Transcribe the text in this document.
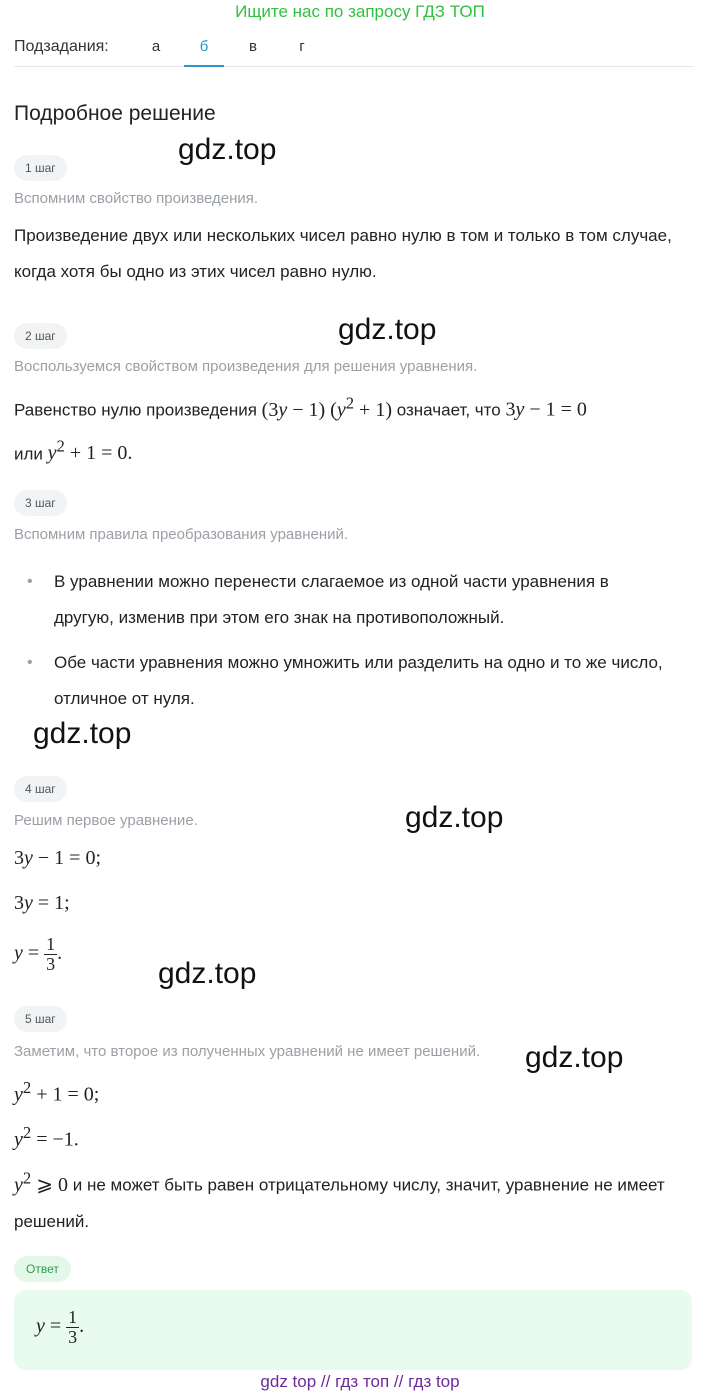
Ищите нас по запросу ГДЗ ТОП
Подзадания:	а	б	в	г
Подробное решение
1 шаг
Вспомним свойство произведения.
Произведение двух или нескольких чисел равно нулю в том и только в том случае, когда хотя бы одно из этих чисел равно нулю.
2 шаг
Воспользуемся свойством произведения для решения уравнения.
Равенство нулю произведения (3y − 1) $(y^2 + 1)$ означает, что 3y − 1 = 0
или $y^2 + 1 = 0$.
3 шаг
Вспомним правила преобразования уравнений.
•	В уравнении можно перенести слагаемое из одной части уравнения в другую, изменив при этом его знак на противоположный.
•	Обе части уравнения можно умножить или разделить на одно и то же число, отличное от нуля.
4 шаг
Решим первое уравнение.
3y − 1 = 0;
3y = 1;
$y = \frac{1}{3}$ .
5 шаг
Заметим, что второе из полученных уравнений не имеет решений.
$y^2 + 1 = 0$;
$y^2 = -1$.
$y^2$ ⩾ 0 и не может быть равен отрицательному числу, значит, уравнение не имеет решений.
Ответ
$y = \frac{1}{3}$ .
gdz.top
gdz.top
gdz.top
gdz.top
gdz.top
gdz.top
gdz top // гдз топ // гдз top
